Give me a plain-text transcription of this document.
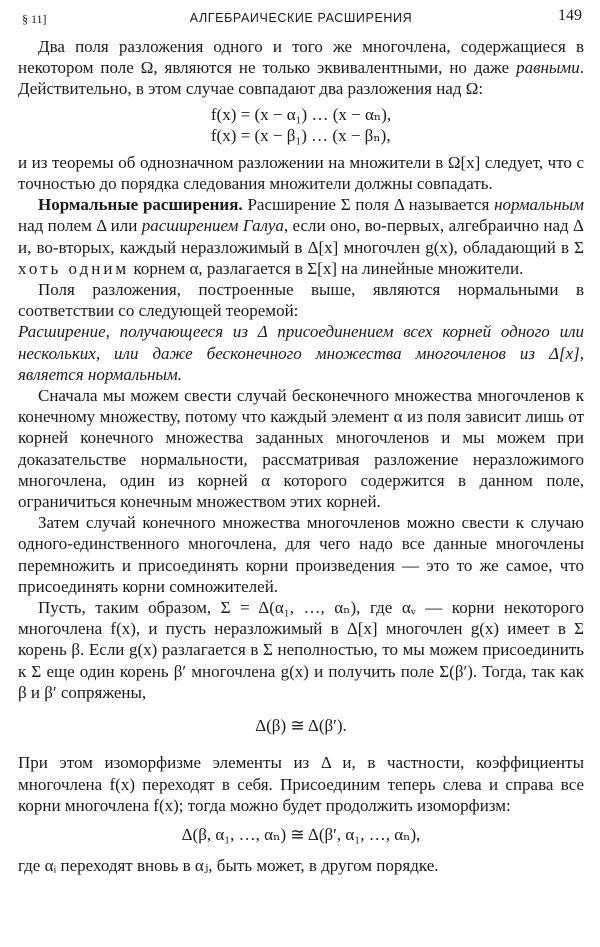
§ 11]	АЛГЕБРАИЧЕСКИЕ РАСШИРЕНИЯ	149

Два поля разложения одного и того же многочлена, содержащиеся в некотором поле Ω, являются не только эквивалентными, но даже равными. Действительно, в этом случае совпадают два разложения над Ω:

f(x) = (x − α₁) … (x − αₙ),
f(x) = (x − β₁) … (x − βₙ),

и из теоремы об однозначном разложении на множители в Ω[x] следует, что с точностью до порядка следования множители должны совпадать.

Нормальные расширения. Расширение Σ поля Δ называется нормальным над полем Δ или расширением Галуа, если оно, во-первых, алгебраично над Δ и, во-вторых, каждый неразложимый в Δ[x] многочлен g(x), обладающий в Σ хоть одним корнем α, разлагается в Σ[x] на линейные множители.

Поля разложения, построенные выше, являются нормальными в соответствии со следующей теоремой:

Расширение, получающееся из Δ присоединением всех корней одного или нескольких, или даже бесконечного множества многочленов из Δ[x], является нормальным.

Сначала мы можем свести случай бесконечного множества многочленов к конечному множеству, потому что каждый элемент α из поля зависит лишь от корней конечного множества заданных многочленов и мы можем при доказательстве нормальности, рассматривая разложение неразложимого многочлена, один из корней α которого содержится в данном поле, ограничиться конечным множеством этих корней.

Затем случай конечного множества многочленов можно свести к случаю одного-единственного многочлена, для чего надо все данные многочлены перемножить и присоединять корни произведения — это то же самое, что присоединять корни сомножителей.

Пусть, таким образом, Σ = Δ(α₁, …, αₙ), где αᵥ — корни некоторого многочлена f(x), и пусть неразложимый в Δ[x] многочлен g(x) имеет в Σ корень β. Если g(x) разлагается в Σ неполностью, то мы можем присоединить к Σ еще один корень β′ многочлена g(x) и получить поле Σ(β′). Тогда, так как β и β′ сопряжены,

Δ(β) ≅ Δ(β′).

При этом изоморфизме элементы из Δ и, в частности, коэффициенты многочлена f(x) переходят в себя. Присоединим теперь слева и справа все корни многочлена f(x); тогда можно будет продолжить изоморфизм:

Δ(β, α₁, …, αₙ) ≅ Δ(β′, α₁, …, αₙ),

где αᵢ переходят вновь в αⱼ, быть может, в другом порядке.
